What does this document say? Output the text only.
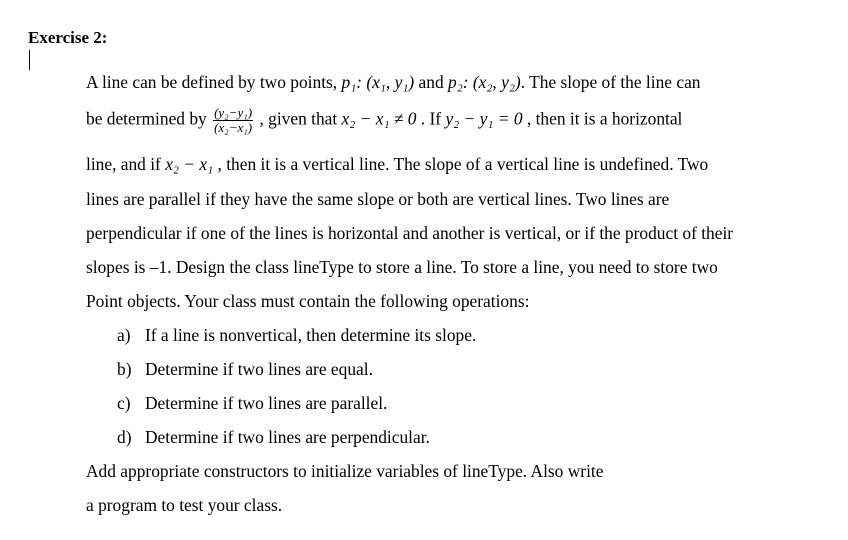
Exercise 2:
A line can be defined by two points, p₁: (x₁, y₁) and p₂: (x₂, y₂). The slope of the line can
be determined by $\frac{\text{(y₂−y₁)}}{\text{(x₂−x₁)}}$ , given that x₂ − x₁ ≠ 0 . If y₂ − y₁ = 0 , then it is a horizontal
line, and if x₂ − x₁ , then it is a vertical line. The slope of a vertical line is undefined. Two
lines are parallel if they have the same slope or both are vertical lines. Two lines are
perpendicular if one of the lines is horizontal and another is vertical, or if the product of their
slopes is –1. Design the class lineType to store a line. To store a line, you need to store two
Point objects. Your class must contain the following operations:
a) If a line is nonvertical, then determine its slope.
b) Determine if two lines are equal.
c) Determine if two lines are parallel.
d) Determine if two lines are perpendicular.
Add appropriate constructors to initialize variables of lineType. Also write
a program to test your class.
